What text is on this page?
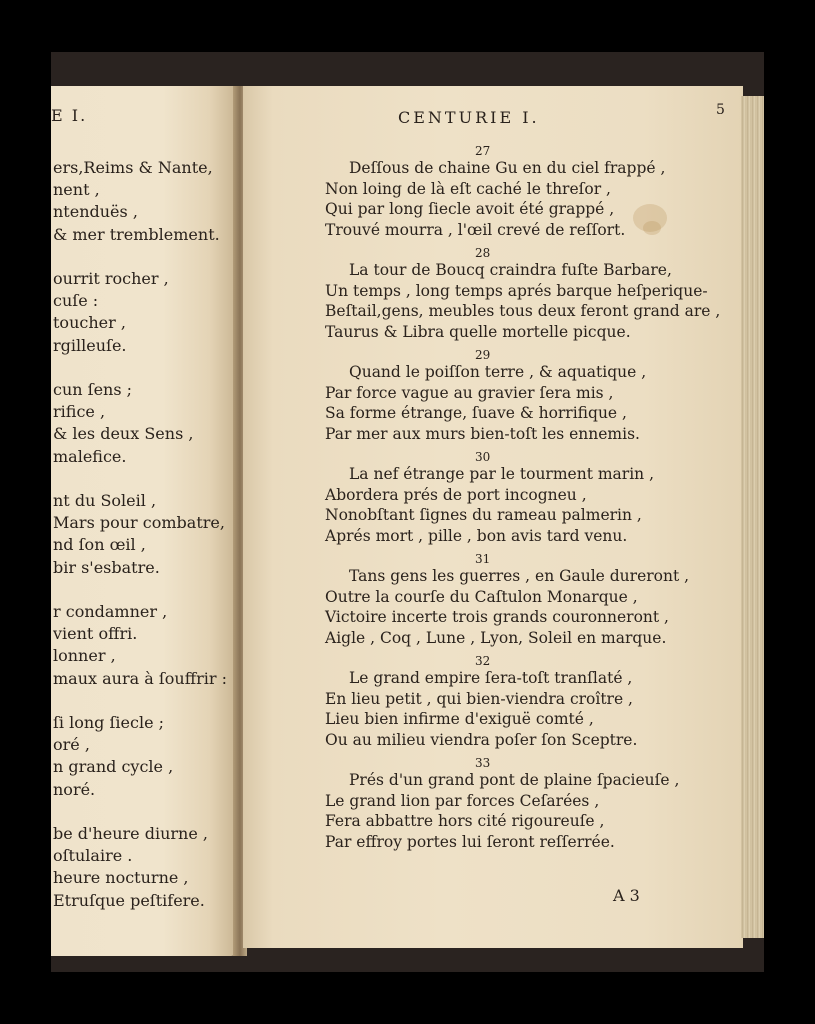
E I.
ers,Reims & Nante,
nent ,
ntenduës ,
& mer tremblement.
ourrit rocher ,
cuſe :
toucher ,
rgilleuſe.
cun ſens ;
rifice ,
& les deux Sens ,
malefice.
nt du Soleil ,
Mars pour combatre,
nd ſon œil ,
bir s'esbatre.
r condamner ,
vient offri.
lonner ,
maux aura à ſouffrir :
ſi long ſiecle ;
oré ,
n grand cycle ,
noré.
be d'heure diurne ,
oſtulaire .
heure nocturne ,
Etruſque peſtifere.
CENTURIE I.	5
27
Deſſous de chaine Gu en du ciel frappé ,
Non loing de là eſt caché le threſor ,
Qui par long ſiecle avoit été grappé ,
Trouvé mourra , l'œil crevé de reſſort.
28
La tour de Boucq craindra fuſte Barbare,
Un temps , long temps aprés barque heſperique-
Beſtail,gens, meubles tous deux feront grand are ,
Taurus & Libra quelle mortelle picque.
29
Quand le poiſſon terre , & aquatique ,
Par force vague au gravier ſera mis ,
Sa forme étrange, ſuave & horrifique ,
Par mer aux murs bien-toſt les ennemis.
30
La nef étrange par le tourment marin ,
Abordera prés de port incogneu ,
Nonobſtant ſignes du rameau palmerin ,
Aprés mort , pille , bon avis tard venu.
31
Tans gens les guerres , en Gaule dureront ,
Outre la courſe du Caſtulon Monarque ,
Victoire incerte trois grands couronneront ,
Aigle , Coq , Lune , Lyon, Soleil en marque.
32
Le grand empire ſera-toſt tranſlaté ,
En lieu petit , qui bien-viendra croître ,
Lieu bien infirme d'exiguë comté ,
Ou au milieu viendra poſer ſon Sceptre.
33
Prés d'un grand pont de plaine ſpacieuſe ,
Le grand lion par forces Ceſarées ,
Fera abbattre hors cité rigoureuſe ,
Par effroy portes lui ſeront reſſerrée.
A 3
